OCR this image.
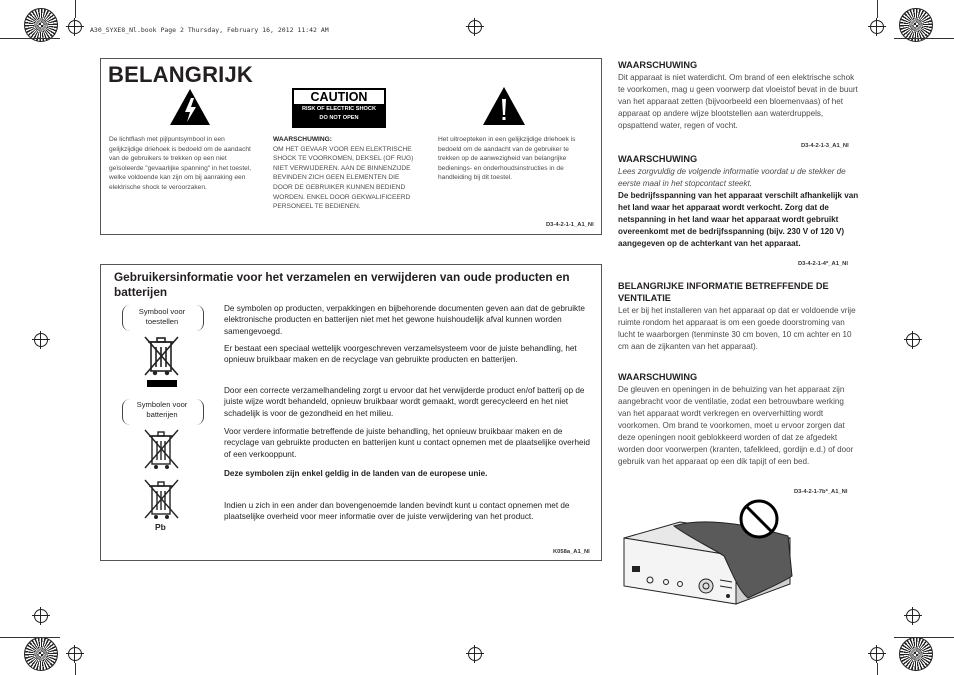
A30_SYXE8_Nl.book Page 2 Thursday, February 16, 2012 11:42 AM
BELANGRIJK
CAUTION
RISK OF ELECTRIC SHOCK
DO NOT OPEN
De lichtflash met pijlpuntsymbool in een gelijkzijdige driehoek is bedoeld om de aandacht van de gebruikers te trekken op een niet geïsoleerde "gevaarlijke spanning" in het toestel, welke voldoende kan zijn om bij aanraking een elektrische shock te veroorzaken.
WAARSCHUWING:
OM HET GEVAAR VOOR EEN ELEKTRISCHE SHOCK TE VOORKOMEN, DEKSEL (OF RUG) NIET VERWIJDEREN. AAN DE BINNENZIJDE BEVINDEN ZICH GEEN ELEMENTEN DIE DOOR DE GEBRUIKER KUNNEN BEDIEND WORDEN. ENKEL DOOR GEKWALIFICEERD PERSONEEL TE BEDIENEN.
Het uitroepteken in een gelijkzijdige driehoek is bedoeld om de aandacht van de gebruiker te trekken op de aanwezigheid van belangrijke bedienings- en onderhoudsinstructies in de handleiding bij dit toestel.
D3-4-2-1-1_A1_Nl
Gebruikersinformatie voor het verzamelen en verwijderen van oude producten en batterijen
Symbool voor toestellen
Symbolen voor batterijen
Pb
De symbolen op producten, verpakkingen en bijbehorende documenten geven aan dat de gebruikte elektronische producten en batterijen niet met het gewone huishoudelijk afval kunnen worden samengevoegd.
Er bestaat een speciaal wettelijk voorgeschreven verzamelsysteem voor de juiste behandling, het opnieuw bruikbaar maken en de recyclage van gebruikte producten en batterijen.
Door een correcte verzamelhandeling zorgt u ervoor dat het verwijderde product en/of batterij op de juiste wijze wordt behandeld, opnieuw bruikbaar wordt gemaakt, wordt gerecycleerd en het niet schadelijk is voor de gezondheid en het milieu.
Voor verdere informatie betreffende de juiste behandling, het opnieuw bruikbaar maken en de recyclage van gebruikte producten en batterijen kunt u contact opnemen met de plaatselijke overheid of een verkooppunt.
Deze symbolen zijn enkel geldig in de landen van de europese unie.
Indien u zich in een ander dan bovengenoemde landen bevindt kunt u contact opnemen met de plaatselijke overheid voor meer informatie over de juiste verwijdering van het product.
K058a_A1_Nl
WAARSCHUWING
Dit apparaat is niet waterdicht. Om brand of een elektrische schok te voorkomen, mag u geen voorwerp dat vloeistof bevat in de buurt van het apparaat zetten (bijvoorbeeld een bloemenvaas) of het apparaat op andere wijze blootstellen aan waterdruppels, opspattend water, regen of vocht.
D3-4-2-1-3_A1_Nl
WAARSCHUWING
Lees zorgvuldig de volgende informatie voordat u de stekker de eerste maal in het stopcontact steekt.
De bedrijfsspanning van het apparaat verschilt afhankelijk van het land waar het apparaat wordt verkocht. Zorg dat de netspanning in het land waar het apparaat wordt gebruikt overeenkomt met de bedrijfsspanning (bijv. 230 V of 120 V) aangegeven op de achterkant van het apparaat.
D3-4-2-1-4*_A1_Nl
BELANGRIJKE INFORMATIE BETREFFENDE DE VENTILATIE
Let er bij het installeren van het apparaat op dat er voldoende vrije ruimte rondom het apparaat is om een goede doorstroming van lucht te waarborgen (tenminste 30 cm boven, 10 cm achter en 10 cm aan de zijkanten van het apparaat).
WAARSCHUWING
De gleuven en openingen in de behuizing van het apparaat zijn aangebracht voor de ventilatie, zodat een betrouwbare werking van het apparaat wordt verkregen en oververhitting wordt voorkomen. Om brand te voorkomen, moet u ervoor zorgen dat deze openingen nooit geblokkeerd worden of dat ze afgedekt worden door voorwerpen (kranten, tafelkleed, gordijn e.d.) of door gebruik van het apparaat op een dik tapijt of een bed.
D3-4-2-1-7b*_A1_Nl
